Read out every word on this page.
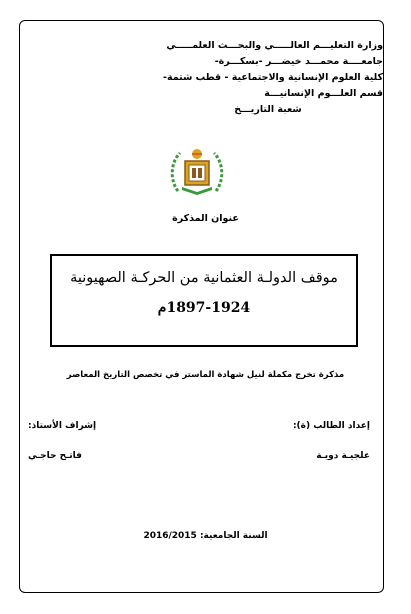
وزارة التعليـــم العالـــــي والبحـــث العلمـــــي
جامعــــة محمـــد خيضـــر -بسكـــرة-
كلية العلوم الإنسانية والاجتماعية - قطب شتمة-
قسم العلـــوم الإنسانيـــة
شعبة التاريـــخ
عنوان المذكرة
موقف الدولـة العثمانية من الحركـة الصهيونية
1897-1924م
مذكرة تخرج مكملة لنيل شهادة الماستر في تخصص التاريخ المعاصر
إعداد الطالب (ة):
إشراف الأستاذ:
علجيـة دويـة
فاتـح حاجـي
السنة الجامعية: 2016/2015
